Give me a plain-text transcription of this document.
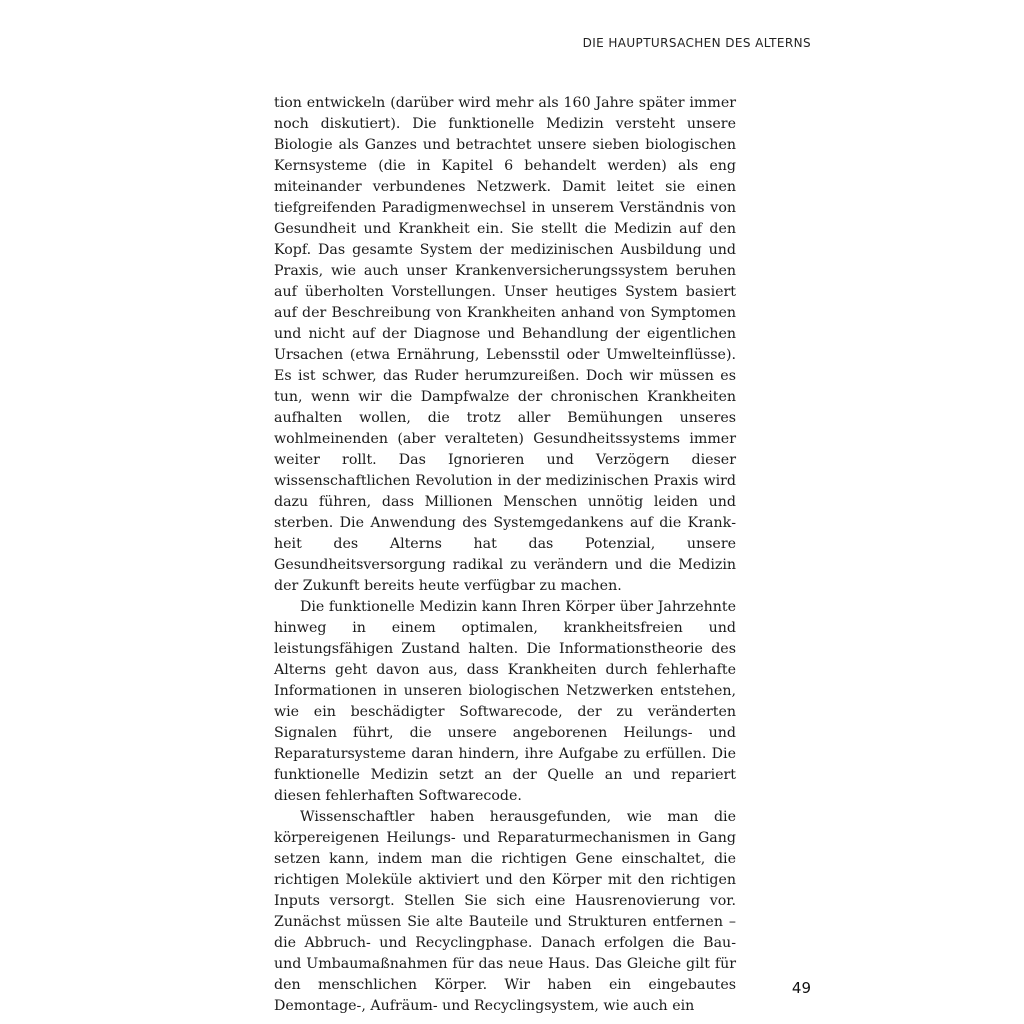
DIE HAUPTURSACHEN DES ALTERNS

tion entwickeln (darüber wird mehr als 160 Jahre später immer noch diskutiert). Die funktionelle Medizin versteht unsere Biologie als Ganzes und betrachtet unsere sieben biologischen Kernsysteme (die in Kapitel 6 behandelt werden) als eng miteinander verbundenes Netzwerk. Damit leitet sie einen tiefgreifenden Paradigmenwechsel in unserem Verständnis von Gesundheit und Krankheit ein. Sie stellt die Medizin auf den Kopf. Das gesamte System der medizinischen Ausbildung und Praxis, wie auch unser Krankenversicherungssystem beruhen auf überholten Vorstellungen. Unser heutiges System basiert auf der Beschreibung von Krankheiten anhand von Symptomen und nicht auf der Diagnose und Behandlung der eigentlichen Ursachen (etwa Ernährung, Lebensstil oder Umwelteinflüsse). Es ist schwer, das Ruder herumzureißen. Doch wir müssen es tun, wenn wir die Dampfwalze der chronischen Krankheiten aufhalten wollen, die trotz aller Bemühungen unseres wohlmeinenden (aber veralteten) Gesundheitssystems immer weiter rollt. Das Ignorieren und Verzögern dieser wissenschaftlichen Revolution in der medizinischen Praxis wird dazu führen, dass Millionen Menschen unnötig leiden und sterben. Die Anwendung des Systemgedankens auf die Krankheit des Alterns hat das Potenzial, unsere Gesundheitsversorgung radikal zu verändern und die Medizin der Zukunft bereits heute verfügbar zu machen.

Die funktionelle Medizin kann Ihren Körper über Jahrzehnte hinweg in einem optimalen, krankheitsfreien und leistungsfähigen Zustand halten. Die Informationstheorie des Alterns geht davon aus, dass Krankheiten durch fehlerhafte Informationen in unseren biologischen Netzwerken entstehen, wie ein beschädigter Softwarecode, der zu veränderten Signalen führt, die unsere angeborenen Heilungs- und Reparatursysteme daran hindern, ihre Aufgabe zu erfüllen. Die funktionelle Medizin setzt an der Quelle an und repariert diesen fehlerhaften Softwarecode.

Wissenschaftler haben herausgefunden, wie man die körpereigenen Heilungs- und Reparaturmechanismen in Gang setzen kann, indem man die richtigen Gene einschaltet, die richtigen Moleküle aktiviert und den Körper mit den richtigen Inputs versorgt. Stellen Sie sich eine Hausrenovierung vor. Zunächst müssen Sie alte Bauteile und Strukturen entfernen – die Abbruch- und Recyclingphase. Danach erfolgen die Bau- und Umbaumaßnahmen für das neue Haus. Das Gleiche gilt für den menschlichen Körper. Wir haben ein eingebautes Demontage-, Aufräum- und Recyclingsystem, wie auch ein

49
